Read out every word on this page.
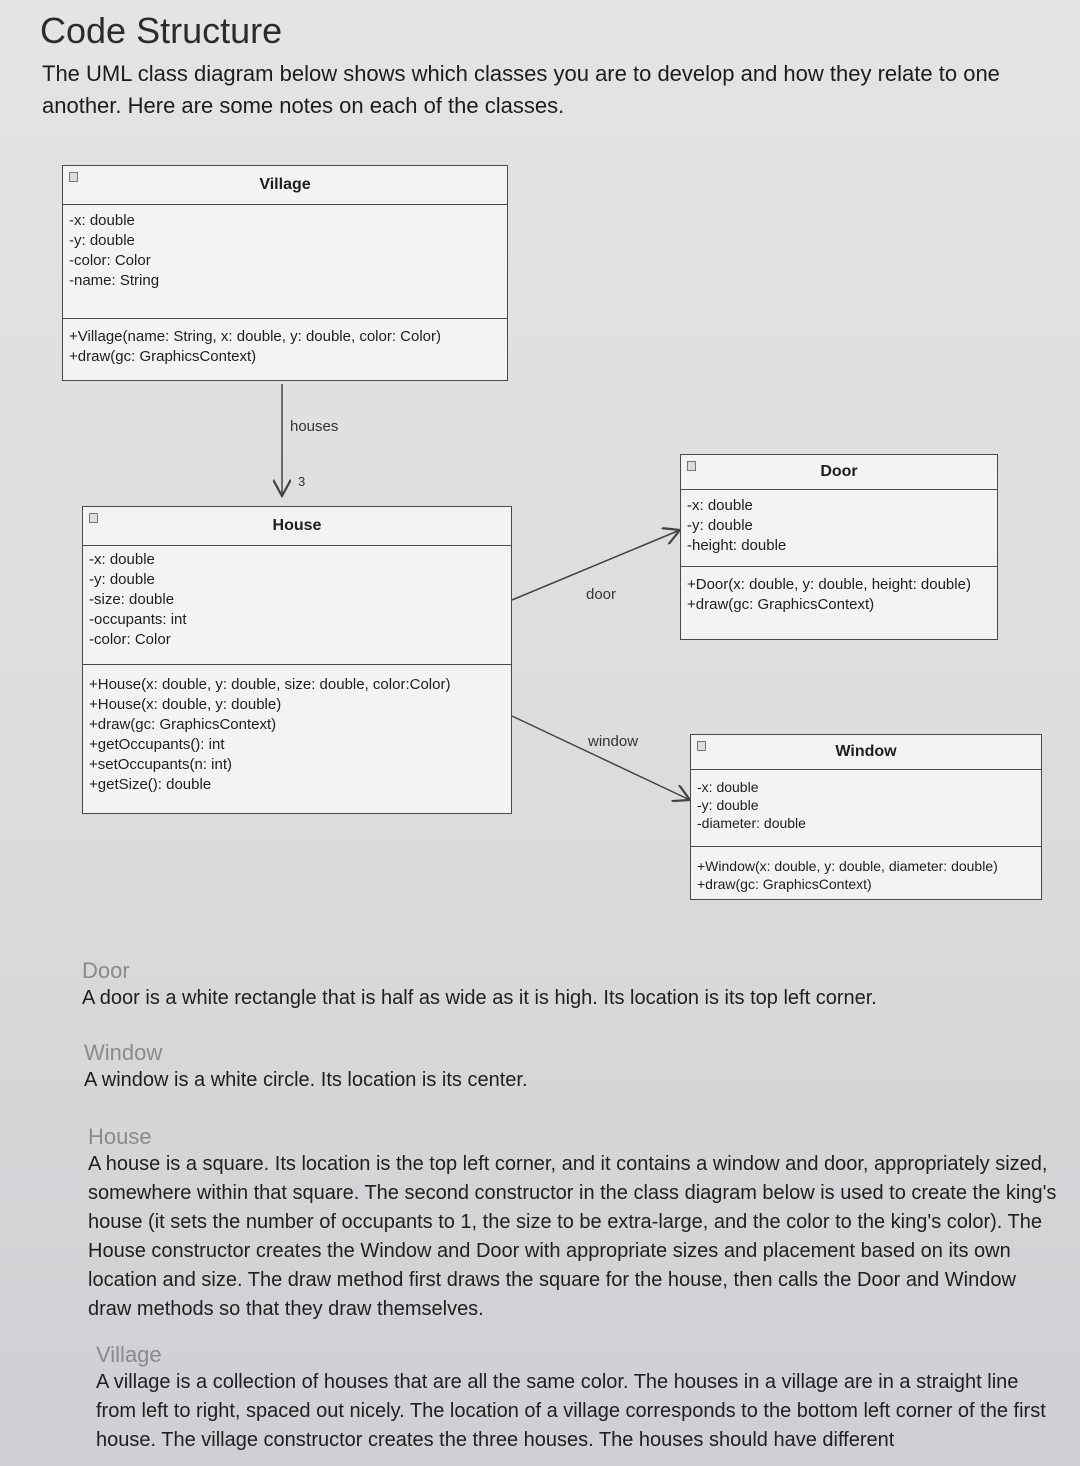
Code Structure
The UML class diagram below shows which classes you are to develop and how they relate to one another. Here are some notes on each of the classes.
houses
3
door
window
Village
-x: double
-y: double
-color: Color
-name: String
+Village(name: String, x: double, y: double, color: Color)
+draw(gc: GraphicsContext)
House
-x: double
-y: double
-size: double
-occupants: int
-color: Color
+House(x: double, y: double, size: double, color:Color)
+House(x: double, y: double)
+draw(gc: GraphicsContext)
+getOccupants(): int
+setOccupants(n: int)
+getSize(): double
Door
-x: double
-y: double
-height: double
+Door(x: double, y: double, height: double)
+draw(gc: GraphicsContext)
Window
-x: double
-y: double
-diameter: double
+Window(x: double, y: double, diameter: double)
+draw(gc: GraphicsContext)
Door
A door is a white rectangle that is half as wide as it is high. Its location is its top left corner.
Window
A window is a white circle. Its location is its center.
House
A house is a square. Its location is the top left corner, and it contains a window and door, appropriately sized, somewhere within that square. The second constructor in the class diagram below is used to create the king's house (it sets the number of occupants to 1, the size to be extra-large, and the color to the king's color). The House constructor creates the Window and Door with appropriate sizes and placement based on its own location and size. The draw method first draws the square for the house, then calls the Door and Window draw methods so that they draw themselves.
Village
A village is a collection of houses that are all the same color. The houses in a village are in a straight line from left to right, spaced out nicely. The location of a village corresponds to the bottom left corner of the first house. The village constructor creates the three houses. The houses should have different
